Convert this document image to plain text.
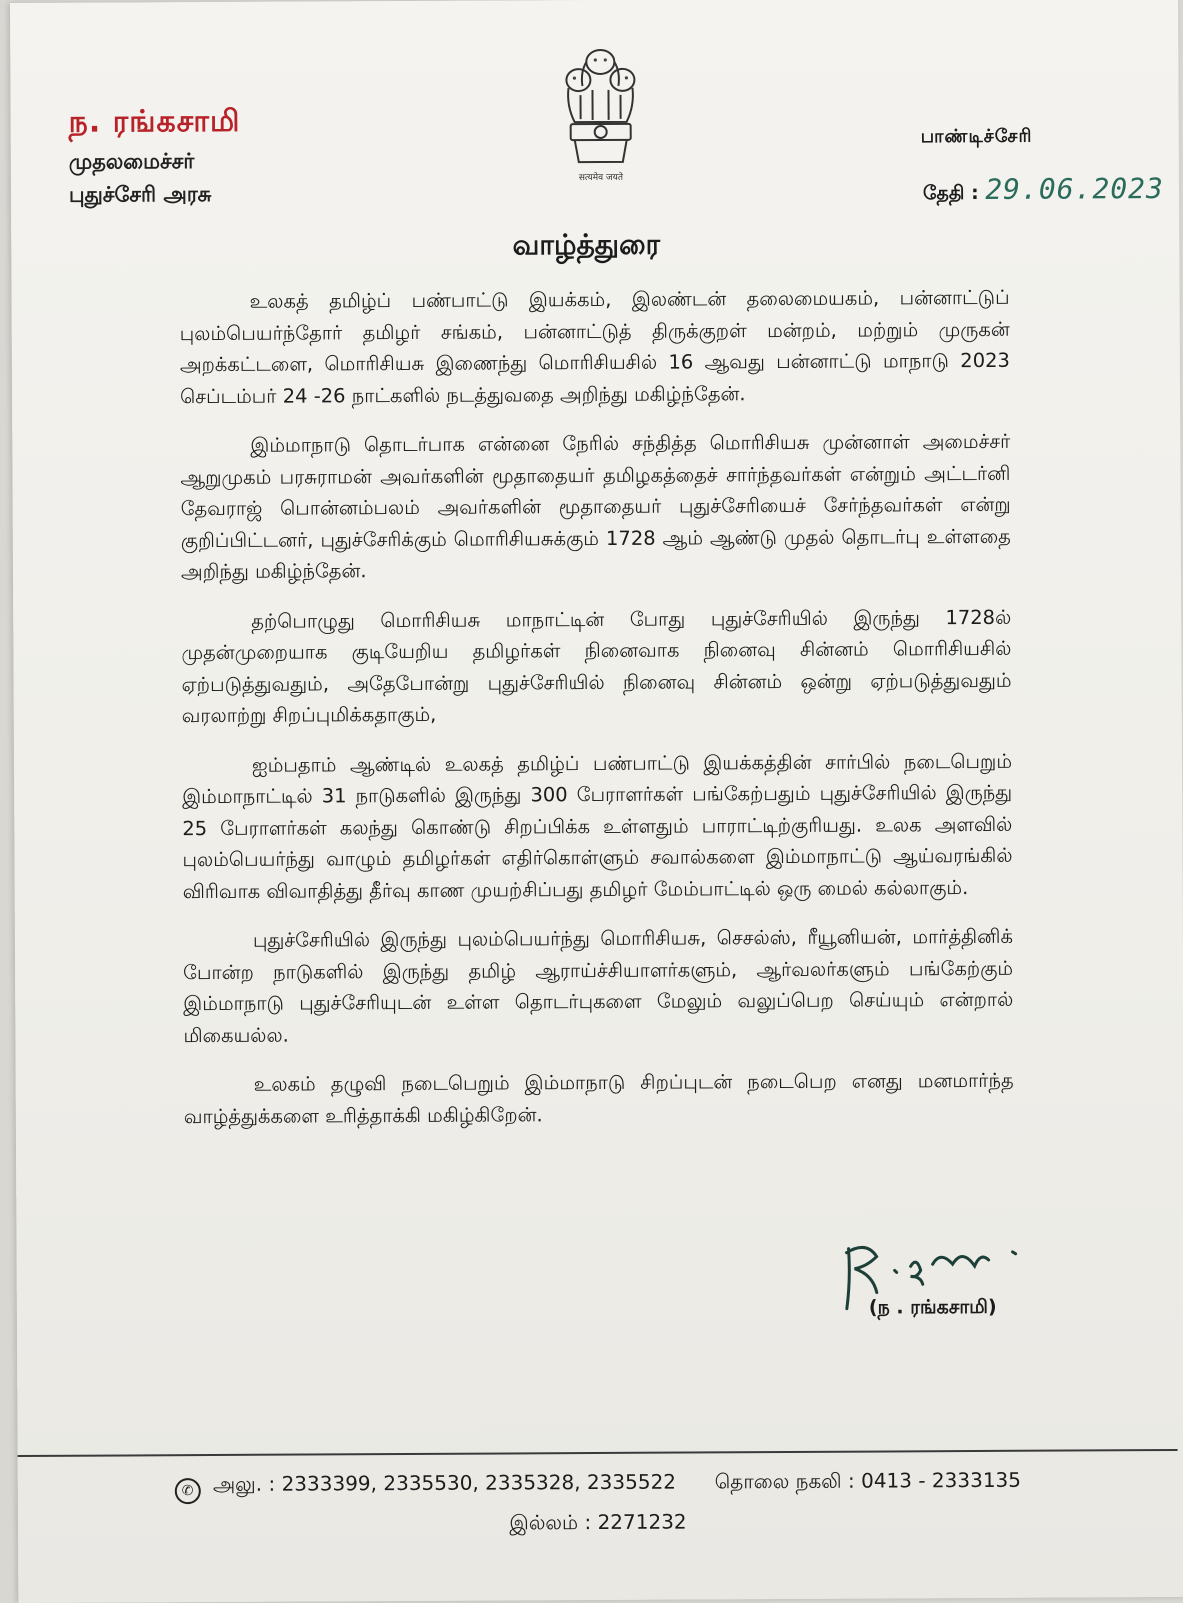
सत्यमेव जयते
ந. ரங்கசாமி
முதலமைச்சர்
புதுச்சேரி அரசு
பாண்டிச்சேரி
தேதி : 29.06.2023
வாழ்த்துரை

உலகத் தமிழ்ப் பண்பாட்டு இயக்கம், இலண்டன் தலைமையகம், பன்னாட்டுப் புலம்பெயர்ந்தோர் தமிழர் சங்கம், பன்னாட்டுத் திருக்குறள் மன்றம், மற்றும் முருகன் அறக்கட்டளை, மொரிசியசு இணைந்து மொரிசியசில் 16 ஆவது பன்னாட்டு மாநாடு 2023 செப்டம்பர் 24 -26 நாட்களில் நடத்துவதை அறிந்து மகிழ்ந்தேன்.

இம்மாநாடு தொடர்பாக என்னை நேரில் சந்தித்த மொரிசியசு முன்னாள் அமைச்சர் ஆறுமுகம் பரசுராமன் அவர்களின் மூதாதையர் தமிழகத்தைச் சார்ந்தவர்கள் என்றும் அட்டர்னி தேவராஜ் பொன்னம்பலம் அவர்களின் மூதாதையர் புதுச்சேரியைச் சேர்ந்தவர்கள் என்று குறிப்பிட்டனர், புதுச்சேரிக்கும் மொரிசியசுக்கும் 1728 ஆம் ஆண்டு முதல் தொடர்பு உள்ளதை அறிந்து மகிழ்ந்தேன்.

தற்பொழுது மொரிசியசு மாநாட்டின் போது புதுச்சேரியில் இருந்து 1728ல் முதன்முறையாக குடியேறிய தமிழர்கள் நினைவாக நினைவு சின்னம் மொரிசியசில் ஏற்படுத்துவதும், அதேபோன்று புதுச்சேரியில் நினைவு சின்னம் ஒன்று ஏற்படுத்துவதும் வரலாற்று சிறப்புமிக்கதாகும்,

ஐம்பதாம் ஆண்டில் உலகத் தமிழ்ப் பண்பாட்டு இயக்கத்தின் சார்பில் நடைபெறும் இம்மாநாட்டில் 31 நாடுகளில் இருந்து 300 பேராளர்கள் பங்கேற்பதும் புதுச்சேரியில் இருந்து 25 பேராளர்கள் கலந்து கொண்டு சிறப்பிக்க உள்ளதும் பாராட்டிற்குரியது. உலக அளவில் புலம்பெயர்ந்து வாழும் தமிழர்கள் எதிர்கொள்ளும் சவால்களை இம்மாநாட்டு ஆய்வரங்கில் விரிவாக விவாதித்து தீர்வு காண முயற்சிப்பது தமிழர் மேம்பாட்டில் ஒரு மைல் கல்லாகும்.

புதுச்சேரியில் இருந்து புலம்பெயர்ந்து மொரிசியசு, செசல்ஸ், ரீயூனியன், மார்த்தினிக் போன்ற நாடுகளில் இருந்து தமிழ் ஆராய்ச்சியாளர்களும், ஆர்வலர்களும் பங்கேற்கும் இம்மாநாடு புதுச்சேரியுடன் உள்ள தொடர்புகளை மேலும் வலுப்பெற செய்யும் என்றால் மிகையல்ல.

உலகம் தழுவி நடைபெறும் இம்மாநாடு சிறப்புடன் நடைபெற எனது மனமார்ந்த வாழ்த்துக்களை உரித்தாக்கி மகிழ்கிறேன்.

(ந . ரங்கசாமி)
✆ அலு. : 2333399, 2335530, 2335328, 2335522 தொலை நகலி : 0413 - 2333135
இல்லம் : 2271232
